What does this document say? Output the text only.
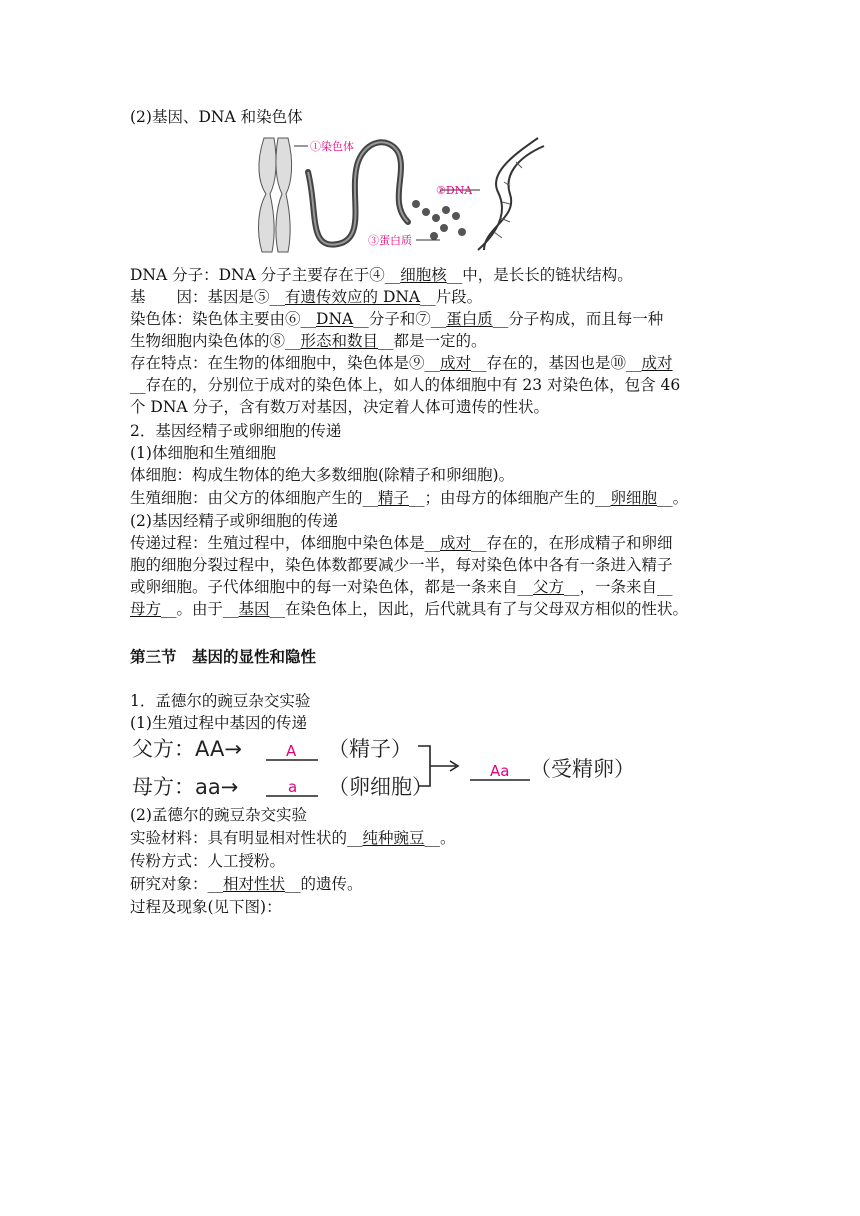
(2)基因、DNA 和染色体
①染色体
②DNA
③蛋白质
DNA 分子：DNA 分子主要存在于④__细胞核__中，是长长的链状结构。
基　　因：基因是⑤__有遗传效应的 DNA__片段。
染色体：染色体主要由⑥__DNA__分子和⑦__蛋白质__分子构成，而且每一种
生物细胞内染色体的⑧__形态和数目__都是一定的。
存在特点：在生物的体细胞中，染色体是⑨__成对__存在的，基因也是⑩__成对
__存在的，分别位于成对的染色体上，如人的体细胞中有 23 对染色体，包含 46
个 DNA 分子，含有数万对基因，决定着人体可遗传的性状。
2．基因经精子或卵细胞的传递
(1)体细胞和生殖细胞
体细胞：构成生物体的绝大多数细胞(除精子和卵细胞)。
生殖细胞：由父方的体细胞产生的__精子__；由母方的体细胞产生的__卵细胞__。
(2)基因经精子或卵细胞的传递
传递过程：生殖过程中，体细胞中染色体是__成对__存在的，在形成精子和卵细
胞的细胞分裂过程中，染色体数都要减少一半，每对染色体中各有一条进入精子
或卵细胞。子代体细胞中的每一对染色体，都是一条来自__父方__，一条来自__
母方__。由于__基因__在染色体上，因此，后代就具有了与父母双方相似的性状。
第三节　基因的显性和隐性
1．孟德尔的豌豆杂交实验
(1)生殖过程中基因的传递
父方：AA→
母方：aa→
（精子）
（卵细胞）
（受精卵）
A
a
Aa
(2)孟德尔的豌豆杂交实验
实验材料：具有明显相对性状的__纯种豌豆__。
传粉方式：人工授粉。
研究对象：__相对性状__的遗传。
过程及现象(见下图)：
